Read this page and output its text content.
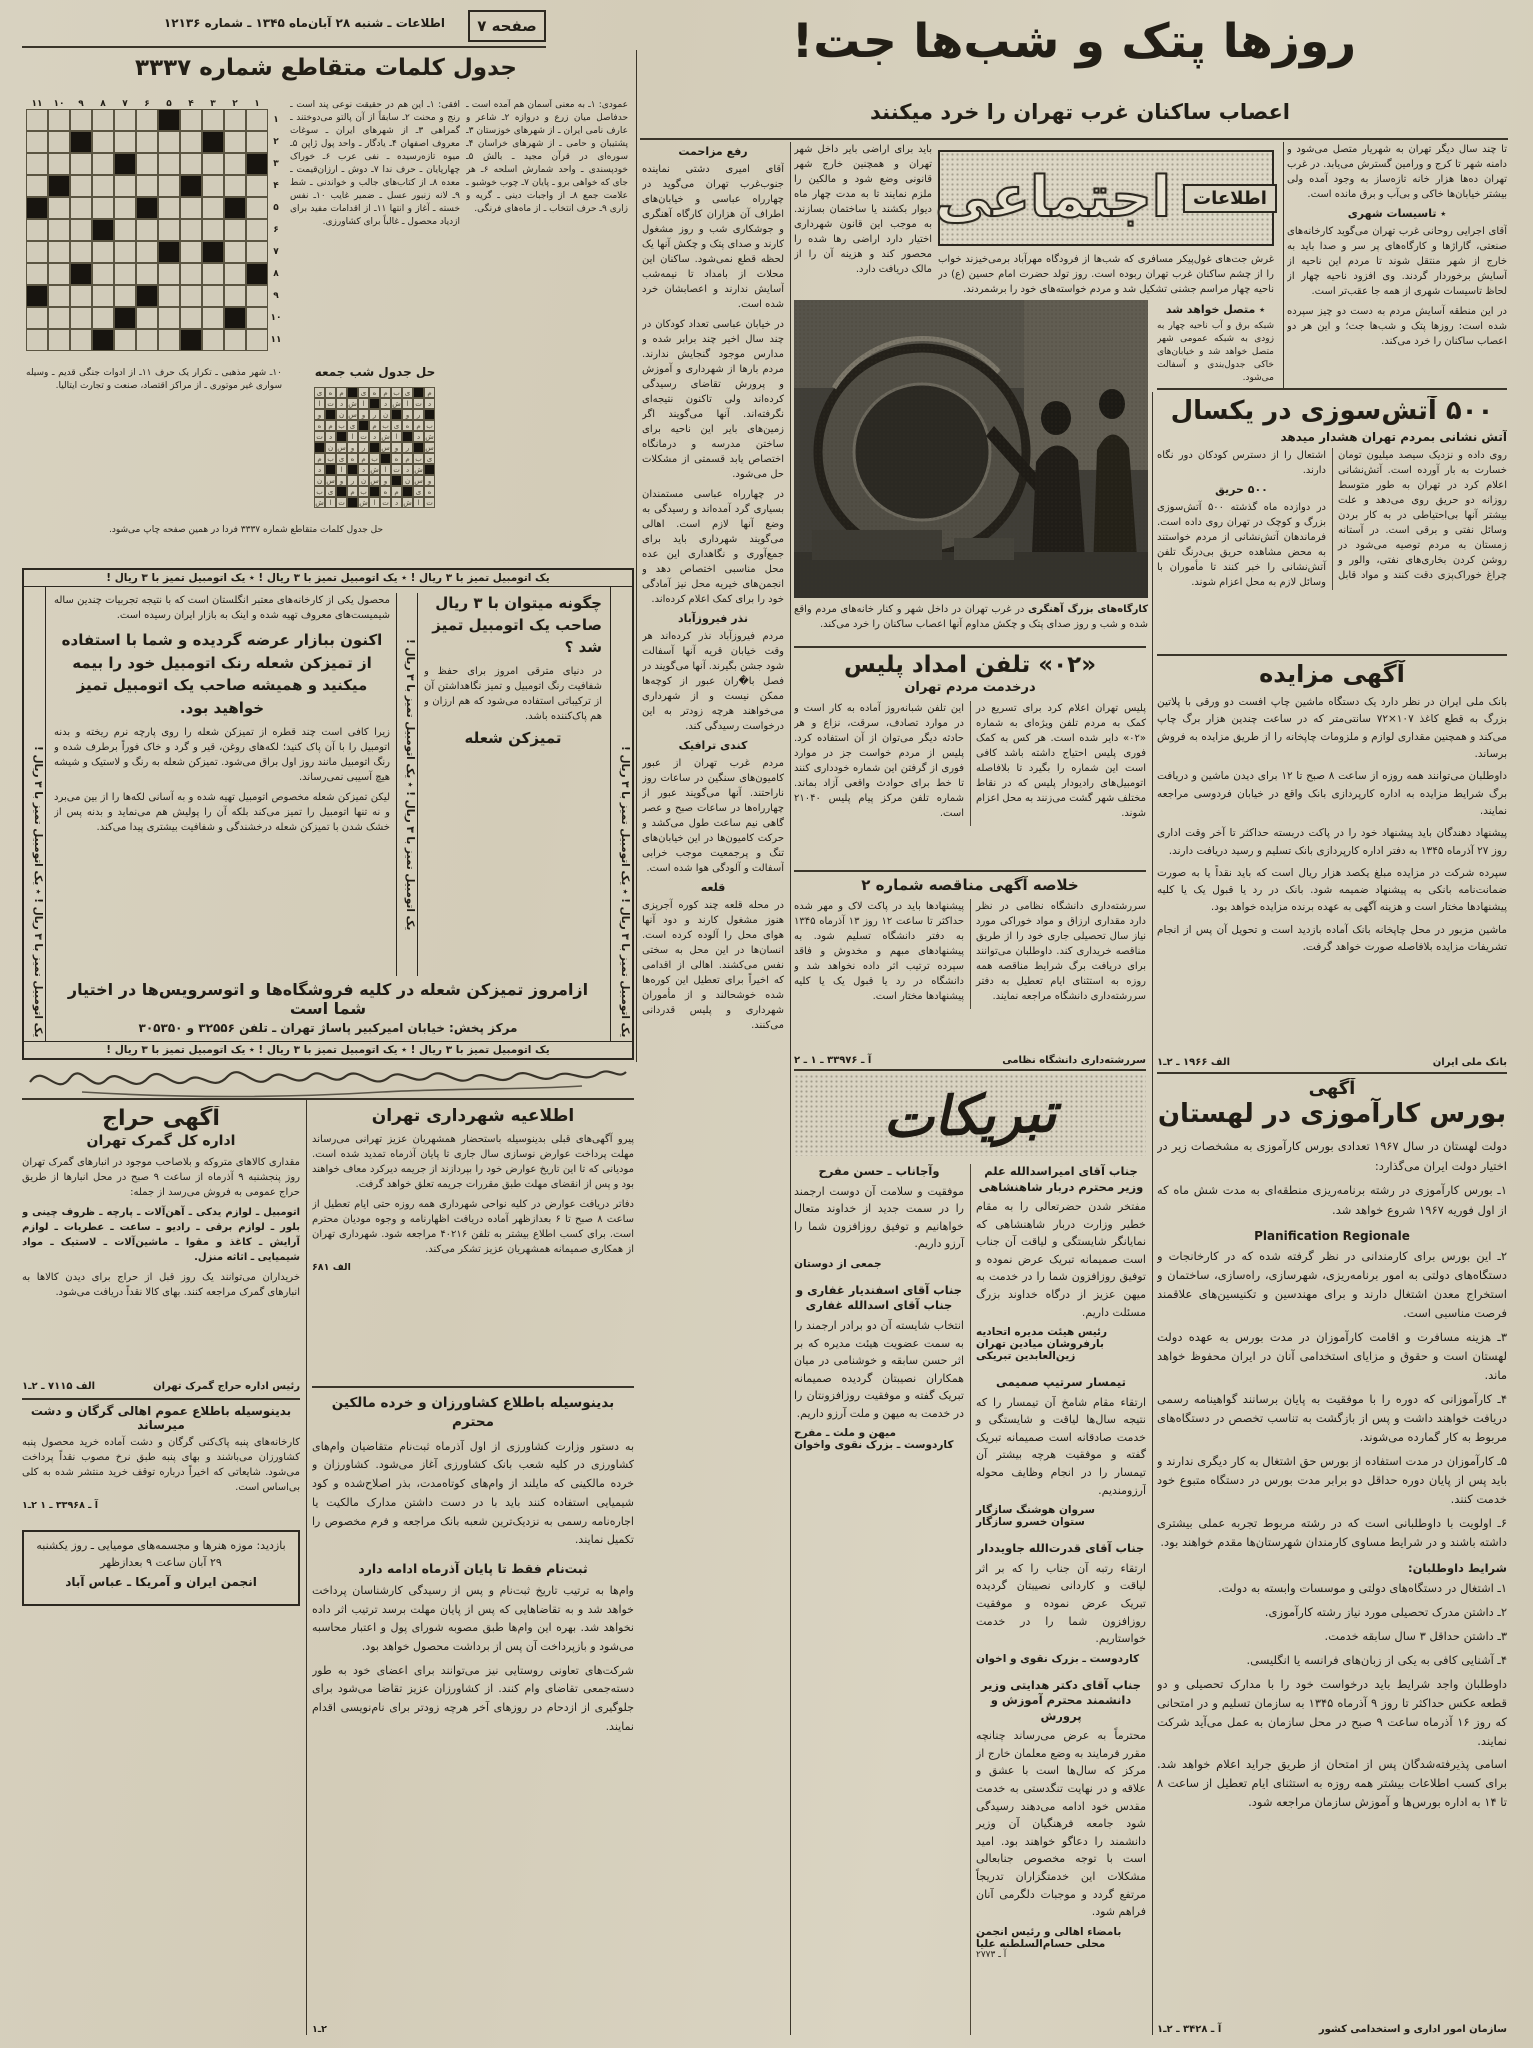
اطلاعات ـ شنبه ۲۸ آبان‌ماه ۱۳۴۵ ـ شماره ۱۲۱۳۶	صفحه ۷	روزها پتک و شب‌ها جت!
اعصاب ساکنان غرب تهران را خرد میکنند
جدول کلمات متقاطع شماره ۳۳۳۷
۱
۲
۳
۴
۵
۶
۷
۸
۹
۱۰
۱۱
۱
۲
۳
۴
۵
۶
۷
۸
۹
۱۰
۱۱

افقی: ۱ـ این هم در حقیقت نوعی پند است ـ رنج و محنت ۲ـ سابقاً از آن پالتو می‌دوختند ـ گمراهی ۳ـ از شهرهای ایران ـ سوغات معروف اصفهان ۴ـ یادگار ـ واحد پول ژاپن ۵ـ میوه تازه‌رسیده ـ نفی عرب ۶ـ خوراک چهارپایان ـ حرف ندا ۷ـ دوش ـ ارزان‌قیمت ـ معده ۸ـ از کتاب‌های جالب و خواندنی ـ شط ۹ـ لانه زنبور عسل ـ ضمیر غایب ۱۰ـ نفس خسته ـ آغاز و انتها ۱۱ـ از اقدامات مفید برای ازدیاد محصول ـ غالباً برای کشاورزی.

عمودی: ۱ـ به معنی آسمان هم آمده است ـ حدفاصل میان زرع و دروازه ۲ـ شاعر و عارف نامی ایران ـ از شهرهای خوزستان ۳ـ پشتیبان و حامی ـ از شهرهای خراسان ۴ـ سوره‌ای در قرآن مجید ـ بالش ۵ـ خودپسندی ـ واحد شمارش اسلحه ۶ـ هر جای که خواهی برو ـ پایان ۷ـ چوب خوشبو ـ علامت جمع ۸ـ از واجبات دینی ـ گریه و زاری ۹ـ حرف انتخاب ـ از ماه‌های فرنگی.

۱۰ـ شهر مذهبی ـ تکرار یک حرف ۱۱ـ از ادوات جنگی قدیم ـ وسیله سواری غیر موتوری ـ از مراکز اقتصاد، صنعت و تجارت ایتالیا.

حل جدول شب جمعه
م
ی
ب
م
ه
ی
م
ه
ی
د
ت
ا
ش
د
ا
ش
د
ت
ا
ر
و
ن
ر
و
س
ن
و
ب
م
ه
ی
ب
م
ی
ب
م
ه
ش
د
ا
ش
د
ت
ا
د
ت
س
ر
و
س
ر
و
س
ن
ی
ب
م
ه
ب
م
ه
ی
ب
م
ش
د
ت
ا
ش
د
ا
د
و
س
ن
و
س
ن
ر
و
س
ن
ه
ی
م
ه
ب
م
ی
ب
ت
ا
ش
د
ت
ا
ش
ت
ا
ش
حل جدول کلمات متقاطع شماره ۳۳۳۷ فردا در همین صفحه چاپ می‌شود.
رفع مزاحمت

آقای امیری دشتی نماینده جنوب‌غرب تهران می‌گوید در چهارراه عباسی و خیابان‌های اطراف آن هزاران کارگاه آهنگری و جوشکاری شب و روز مشغول کارند و صدای پتک و چکش آنها یک لحظه قطع نمی‌شود. ساکنان این محلات از بامداد تا نیمه‌شب آسایش ندارند و اعصابشان خرد شده است.

در خیابان عباسی تعداد کودکان در چند سال اخیر چند برابر شده و مدارس موجود گنجایش ندارند. مردم بارها از شهرداری و آموزش و پرورش تقاضای رسیدگی کرده‌اند ولی تاکنون نتیجه‌ای نگرفته‌اند. آنها می‌گویند اگر زمین‌های بایر این ناحیه برای ساختن مدرسه و درمانگاه اختصاص یابد قسمتی از مشکلات حل می‌شود.

در چهارراه عباسی مستمندان بسیاری گرد آمده‌اند و رسیدگی به وضع آنها لازم است. اهالی می‌گویند شهرداری باید برای جمع‌آوری و نگاهداری این عده محل مناسبی اختصاص دهد و انجمن‌های خیریه محل نیز آمادگی خود را برای کمک اعلام کرده‌اند.

نذر فیروزآباد

مردم فیروزآباد نذر کرده‌اند هر وقت خیابان قریه آنها آسفالت شود جشن بگیرند. آنها می‌گویند در فصل با�ران عبور از کوچه‌ها ممکن نیست و از شهرداری می‌خواهند هرچه زودتر به این درخواست رسیدگی کند.

کندی ترافیک

مردم غرب تهران از عبور کامیون‌های سنگین در ساعات روز ناراحتند. آنها می‌گویند عبور از چهارراه‌ها در ساعات صبح و عصر گاهی نیم ساعت طول می‌کشد و حرکت کامیون‌ها در این خیابان‌های تنگ و پرجمعیت موجب خرابی آسفالت و آلودگی هوا شده است.

قلعه

در محله قلعه چند کوره آجرپزی هنوز مشغول کارند و دود آنها هوای محل را آلوده کرده است. انسان‌ها در این محل به سختی نفس می‌کشند. اهالی از اقدامی که اخیراً برای تعطیل این کوره‌ها شده خوشحالند و از مأموران شهرداری و پلیس قدردانی می‌کنند.

باید برای اراضی بایر داخل شهر تهران و همچنین خارج شهر قانونی وضع شود و مالکین را ملزم نمایند تا به مدت چهار ماه دیوار بکشند یا ساختمان بسازند. به موجب این قانون شهرداری اختیار دارد اراضی رها شده را محصور کند و هزینه آن را از مالک دریافت دارد.

اطلاعات
اجتماعی

غرش جت‌های غول‌پیکر مسافری که شب‌ها از فرودگاه مهرآباد برمی‌خیزند خواب را از چشم ساکنان غرب تهران ربوده است. روز تولد حضرت امام حسین (ع) در ناحیه چهار مراسم جشنی تشکیل شد و مردم خواسته‌های خود را برشمردند.

کارگاه‌های بزرگ آهنگری در غرب تهران در داخل شهر و کنار خانه‌های مردم واقع شده و شب و روز صدای پتک و چکش مداوم آنها اعصاب ساکنان را خرد می‌کند.
٭ متصل خواهد شد

شبکه برق و آب ناحیه چهار به زودی به شبکه عمومی شهر متصل خواهد شد و خیابان‌های خاکی جدول‌بندی و آسفالت می‌شود.

تا چند سال دیگر تهران به شهریار متصل می‌شود و دامنه شهر تا کرج و ورامین گسترش می‌یابد. در غرب تهران ده‌ها هزار خانه تازه‌ساز به وجود آمده ولی بیشتر خیابان‌ها خاکی و بی‌آب و برق مانده است.

٭ تاسیسات شهری

آقای اجرایی روحانی غرب تهران می‌گوید کارخانه‌های صنعتی، گاراژها و کارگاه‌های پر سر و صدا باید به خارج از شهر منتقل شوند تا مردم این ناحیه از آسایش برخوردار گردند. وی افزود ناحیه چهار از لحاظ تاسیسات شهری از همه جا عقب‌تر است.

در این منطقه آسایش مردم به دست دو چیز سپرده شده است: روزها پتک و شب‌ها جت؛ و این هر دو اعصاب ساکنان را خرد می‌کند.

۵۰۰ آتش‌سوزی در یکسال
آتش نشانی بمردم تهران هشدار میدهد

روی داده و نزدیک سیصد میلیون تومان خسارت به بار آورده است. آتش‌نشانی اعلام کرد در تهران به طور متوسط روزانه دو حریق روی می‌دهد و علت بیشتر آنها بی‌احتیاطی در به کار بردن وسائل نفتی و برقی است. در آستانه زمستان به مردم توصیه می‌شود در روشن کردن بخاری‌های نفتی، والور و چراغ خوراک‌پزی دقت کنند و مواد قابل اشتعال را از دسترس کودکان دور نگاه دارند.

۵۰۰ حریق

در دوازده ماه گذشته ۵۰۰ آتش‌سوزی بزرگ و کوچک در تهران روی داده است. فرماندهان آتش‌نشانی از مردم خواستند به محض مشاهده حریق بی‌درنگ تلفن آتش‌نشانی را خبر کنند تا مأموران با وسائل لازم به محل اعزام شوند.

آگهی مزایده

بانک ملی ایران در نظر دارد یک دستگاه ماشین چاپ افست دو ورقی با پلاتین بزرگ به قطع کاغذ ۱۰۷×۷۲ سانتی‌متر که در ساعت چندین هزار برگ چاپ می‌کند و همچنین مقداری لوازم و ملزومات چاپخانه را از طریق مزایده به فروش برساند.

داوطلبان می‌توانند همه روزه از ساعت ۸ صبح تا ۱۲ برای دیدن ماشین و دریافت برگ شرایط مزایده به اداره کارپردازی بانک واقع در خیابان فردوسی مراجعه نمایند.

پیشنهاد دهندگان باید پیشنهاد خود را در پاکت دربسته حداکثر تا آخر وقت اداری روز ۲۷ آذرماه ۱۳۴۵ به دفتر اداره کارپردازی بانک تسلیم و رسید دریافت دارند.

سپرده شرکت در مزایده مبلغ یکصد هزار ریال است که باید نقداً یا به صورت ضمانت‌نامه بانکی به پیشنهاد ضمیمه شود. بانک در رد یا قبول یک یا کلیه پیشنهادها مختار است و هزینه آگهی به عهده برنده مزایده خواهد بود.

ماشین مزبور در محل چاپخانه بانک آماده بازدید است و تحویل آن پس از انجام تشریفات مزایده بلافاصله صورت خواهد گرفت.

بانک ملی ایران
الف ۱۹۶۶ ـ ۲ـ۱
آگهی
بورس کارآموزی در لهستان

دولت لهستان در سال ۱۹۶۷ تعدادی بورس کارآموزی به مشخصات زیر در اختیار دولت ایران می‌گذارد:

۱ـ بورس کارآموزی در رشته برنامه‌ریزی منطقه‌ای به مدت شش ماه که از اول فوریه ۱۹۶۷ شروع خواهد شد.

Planification Regionale

۲ـ این بورس برای کارمندانی در نظر گرفته شده که در کارخانجات و دستگاه‌های دولتی به امور برنامه‌ریزی، شهرسازی، راه‌سازی، ساختمان و استخراج معدن اشتغال دارند و برای مهندسین و تکنیسین‌های علاقمند فرصت مناسبی است.

۳ـ هزینه مسافرت و اقامت کارآموزان در مدت بورس به عهده دولت لهستان است و حقوق و مزایای استخدامی آنان در ایران محفوظ خواهد ماند.

۴ـ کارآموزانی که دوره را با موفقیت به پایان برسانند گواهینامه رسمی دریافت خواهند داشت و پس از بازگشت به تناسب تخصص در دستگاه‌های مربوط به کار گمارده می‌شوند.

۵ـ کارآموزان در مدت استفاده از بورس حق اشتغال به کار دیگری ندارند و باید پس از پایان دوره حداقل دو برابر مدت بورس در دستگاه متبوع خود خدمت کنند.

۶ـ اولویت با داوطلبانی است که در رشته مربوط تجربه عملی بیشتری داشته باشند و در شرایط مساوی کارمندان شهرستان‌ها مقدم خواهند بود.

شرایط داوطلبان:

۱ـ اشتغال در دستگاه‌های دولتی و موسسات وابسته به دولت.

۲ـ داشتن مدرک تحصیلی مورد نیاز رشته کارآموزی.

۳ـ داشتن حداقل ۳ سال سابقه خدمت.

۴ـ آشنایی کافی به یکی از زبان‌های فرانسه یا انگلیسی.

داوطلبان واجد شرایط باید درخواست خود را با مدارک تحصیلی و دو قطعه عکس حداکثر تا روز ۹ آذرماه ۱۳۴۵ به سازمان تسلیم و در امتحانی که روز ۱۶ آذرماه ساعت ۹ صبح در محل سازمان به عمل می‌آید شرکت نمایند.

اسامی پذیرفته‌شدگان پس از امتحان از طریق جراید اعلام خواهد شد. برای کسب اطلاعات بیشتر همه روزه به استثنای ایام تعطیل از ساعت ۸ تا ۱۴ به اداره بورس‌ها و آموزش سازمان مراجعه شود.

سازمان امور اداری و استخدامی کشور
آ ـ ۳۴۲۸ ـ ۲ـ۱
«۰۲» تلفن امداد پلیس
درخدمت مردم تهران

پلیس تهران اعلام کرد برای تسریع در کمک به مردم تلفن ویژه‌ای به شماره «۰۲» دایر شده است. هر کس به کمک فوری پلیس احتیاج داشته باشد کافی است این شماره را بگیرد تا بلافاصله اتومبیل‌های رادیودار پلیس که در نقاط مختلف شهر گشت می‌زنند به محل اعزام شوند.

این تلفن شبانه‌روز آماده به کار است و در موارد تصادف، سرقت، نزاع و هر حادثه دیگر می‌توان از آن استفاده کرد. پلیس از مردم خواست جز در موارد فوری از گرفتن این شماره خودداری کنند تا خط برای حوادث واقعی آزاد بماند. شماره تلفن مرکز پیام پلیس ۲۱۰۴۰ است.

خلاصه آگهی مناقصه شماره ۲

سررشته‌داری دانشگاه نظامی در نظر دارد مقداری ارزاق و مواد خوراکی مورد نیاز سال تحصیلی جاری خود را از طریق مناقصه خریداری کند. داوطلبان می‌توانند برای دریافت برگ شرایط مناقصه همه روزه به استثنای ایام تعطیل به دفتر سررشته‌داری دانشگاه مراجعه نمایند.

پیشنهادها باید در پاکت لاک و مهر شده حداکثر تا ساعت ۱۲ روز ۱۳ آذرماه ۱۳۴۵ به دفتر دانشگاه تسلیم شود. به پیشنهادهای مبهم و مخدوش و فاقد سپرده ترتیب اثر داده نخواهد شد و دانشگاه در رد یا قبول یک یا کلیه پیشنهادها مختار است.

سررشته‌داری دانشگاه نظامی
آ ـ ۳۳۹۷۶ ـ ۱ ـ ۲
تبریکات
جناب آقای امیراسدالله علم وزیر محترم دربار شاهنشاهی

مفتخر شدن حضرتعالی را به مقام خطیر وزارت دربار شاهنشاهی که نمایانگر شایستگی و لیاقت آن جناب است صمیمانه تبریک عرض نموده و توفیق روزافزون شما را در خدمت به میهن عزیز از درگاه خداوند بزرگ مسئلت داریم.

رئیس هیئت مدیره اتحادیه بارفروشان میادین تهران
زین‌العابدین تبریکی
تیمسار سرتیپ صمیمی

ارتقاء مقام شامخ آن تیمسار را که نتیجه سال‌ها لیاقت و شایستگی و خدمت صادقانه است صمیمانه تبریک گفته و موفقیت هرچه بیشتر آن تیمسار را در انجام وظایف محوله آرزومندیم.

سروان هوشنگ سازگار
ستوان خسرو سازگار
جناب آقای قدرت‌الله جاویددار

ارتقاء رتبه آن جناب را که بر اثر لیاقت و کاردانی نصیبتان گردیده تبریک عرض نموده و موفقیت روزافزون شما را در خدمت خواستاریم.

کاردوست ـ بزرک نقوی و اخوان
جناب آقای دکتر هدایتی وزیر دانشمند محترم آموزش و پرورش

محترماً به عرض می‌رساند چنانچه مقرر فرمایند به وضع معلمان خارج از مرکز که سال‌ها است با عشق و علاقه و در نهایت تنگدستی به خدمت مقدس خود ادامه می‌دهند رسیدگی شود جامعه فرهنگیان آن وزیر دانشمند را دعاگو خواهند بود. امید است با توجه مخصوص جنابعالی مشکلات این خدمتگزاران تدریجاً مرتفع گردد و موجبات دلگرمی آنان فراهم شود.

بامضاء اهالی و رئیس انجمن محلی حسام‌السلطنه علیا
آ ـ ۲۷۷۳
وآجاناب ـ حسن مفرح

موفقیت و سلامت آن دوست ارجمند را در سمت جدید از خداوند متعال خواهانیم و توفیق روزافزون شما را آرزو داریم.

جمعی از دوستان
جناب آقای اسفندیار غفاری و جناب آقای اسدالله غفاری

انتخاب شایسته آن دو برادر ارجمند را به سمت عضویت هیئت مدیره که بر اثر حسن سابقه و خوشنامی در میان همکاران نصیبتان گردیده صمیمانه تبریک گفته و موفقیت روزافزونتان را در خدمت به میهن و ملت آرزو داریم.

میهن و ملت ـ مفرح
کاردوست ـ بزرک نقوی واخوان
یک اتومبیل تمیز با ۳ ریال ! ٭ یک اتومبیل تمیز با ۳ ریال ! ٭ یک اتومبیل تمیز با ۳ ریال !
یک اتومبیل تمیز با ۳ ریال ! ٭ یک اتومبیل تمیز با ۳ ریال !
چگونه میتوان با ۳ ریال صاحب یک اتومبیل تمیز شد ؟

در دنیای مترقی امروز برای حفظ و شفافیت رنگ اتومبیل و تمیز نگاهداشتن آن از ترکیباتی استفاده می‌شود که هم ارزان و هم پاک‌کننده باشد.

تمیزکن شعله
یک اتومبیل تمیز با ۳ ریال ! ٭ یک اتومبیل تمیز با ۳ ریال !

محصول یکی از کارخانه‌های معتبر انگلستان است که با نتیجه تجربیات چندین ساله شیمیست‌های معروف تهیه شده و اینک به بازار ایران رسیده است.

اکنون ببازار عرضه گردیده و شما با استفاده از تمیزکن شعله رنک اتومبیل خود را بیمه میکنید و همیشه صاحب یک اتومبیل تمیز خواهید بود.

زیرا کافی است چند قطره از تمیزکن شعله را روی پارچه نرم ریخته و بدنه اتومبیل را با آن پاک کنید؛ لکه‌های روغن، قیر و گرد و خاک فوراً برطرف شده و رنگ اتومبیل مانند روز اول براق می‌شود. تمیزکن شعله به رنگ و لاستیک و شیشه هیچ آسیبی نمی‌رساند.

لیکن تمیزکن شعله مخصوص اتومبیل تهیه شده و به آسانی لکه‌ها را از بین می‌برد و نه تنها اتومبیل را تمیز می‌کند بلکه آن را پولیش هم می‌نماید و بدنه پس از خشک شدن با تمیزکن شعله درخشندگی و شفافیت بیشتری پیدا می‌کند.

ازامروز تمیزکن شعله در کلیه فروشگاه‌ها و اتوسرویس‌ها در اختیار شما است
مرکز پخش: خیابان امیرکبیر پاساژ تهران ـ تلفن ۳۲۵۵۶ و ۳۰۵۳۵۰
یک اتومبیل تمیز با ۳ ریال ! ٭ یک اتومبیل تمیز با ۳ ریال !
یک اتومبیل تمیز با ۳ ریال ! ٭ یک اتومبیل تمیز با ۳ ریال ! ٭ یک اتومبیل تمیز با ۳ ریال !
آگهی حراج
اداره کل گمرک تهران

مقداری کالاهای متروکه و بلاصاحب موجود در انبارهای گمرک تهران روز پنجشنبه ۹ آذرماه از ساعت ۹ صبح در محل انبارها از طریق حراج عمومی به فروش می‌رسد از جمله:

اتومبیل ـ لوازم یدکی ـ آهن‌آلات ـ پارچه ـ ظروف چینی و بلور ـ لوازم برقی ـ رادیو ـ ساعت ـ عطریات ـ لوازم آرایش ـ کاغذ و مقوا ـ ماشین‌آلات ـ لاستیک ـ مواد شیمیایی ـ اثاثه منزل.

خریداران می‌توانند یک روز قبل از حراج برای دیدن کالاها به انبارهای گمرک مراجعه کنند. بهای کالا نقداً دریافت می‌شود.

رئیس اداره حراج گمرک تهران
الف ۷۱۱۵ ـ ۲ـ۱
بدینوسیله باطلاع عموم اهالی گرگان و دشت میرساند

کارخانه‌های پنبه پاک‌کنی گرگان و دشت آماده خرید محصول پنبه کشاورزان می‌باشند و بهای پنبه طبق نرخ مصوب نقداً پرداخت می‌شود. شایعاتی که اخیراً درباره توقف خرید منتشر شده به کلی بی‌اساس است.

آ ـ ۳۳۹۶۸ ـ ۱ ۲ـ۱
بازدید: موزه هنرها و مجسمه‌های مومیایی ـ روز یکشنبه ۲۹ آبان ساعت ۹ بعدازظهر
انجمن ایران و آمریکا ـ عباس آباد
اطلاعیه شهرداری تهران

پیرو آگهی‌های قبلی بدینوسیله باستحضار همشهریان عزیز تهرانی می‌رساند مهلت پرداخت عوارض نوسازی سال جاری تا پایان آذرماه تمدید شده است. مودیانی که تا این تاریخ عوارض خود را بپردازند از جریمه دیرکرد معاف خواهند بود و پس از انقضای مهلت طبق مقررات جریمه تعلق خواهد گرفت.

دفاتر دریافت عوارض در کلیه نواحی شهرداری همه روزه حتی ایام تعطیل از ساعت ۸ صبح تا ۶ بعدازظهر آماده دریافت اظهارنامه و وجوه مودیان محترم است. برای کسب اطلاع بیشتر به تلفن ۴۰۲۱۶ مراجعه شود. شهرداری تهران از همکاری صمیمانه همشهریان عزیز تشکر می‌کند.

الف ۶۸۱
بدینوسیله باطلاع کشاورزان و خرده مالکین محترم

به دستور وزارت کشاورزی از اول آذرماه ثبت‌نام متقاضیان وام‌های کشاورزی در کلیه شعب بانک کشاورزی آغاز می‌شود. کشاورزان و خرده مالکینی که مایلند از وام‌های کوتاه‌مدت، بذر اصلاح‌شده و کود شیمیایی استفاده کنند باید با در دست داشتن مدارک مالکیت یا اجاره‌نامه رسمی به نزدیک‌ترین شعبه بانک مراجعه و فرم مخصوص را تکمیل نمایند.

ثبت‌نام فقط تا پایان آذرماه ادامه دارد

وام‌ها به ترتیب تاریخ ثبت‌نام و پس از رسیدگی کارشناسان پرداخت خواهد شد و به تقاضاهایی که پس از پایان مهلت برسد ترتیب اثر داده نخواهد شد. بهره این وام‌ها طبق مصوبه شورای پول و اعتبار محاسبه می‌شود و بازپرداخت آن پس از برداشت محصول خواهد بود.

شرکت‌های تعاونی روستایی نیز می‌توانند برای اعضای خود به طور دسته‌جمعی تقاضای وام کنند. از کشاورزان عزیز تقاضا می‌شود برای جلوگیری از ازدحام در روزهای آخر هرچه زودتر برای نام‌نویسی اقدام نمایند.

۲ـ۱
